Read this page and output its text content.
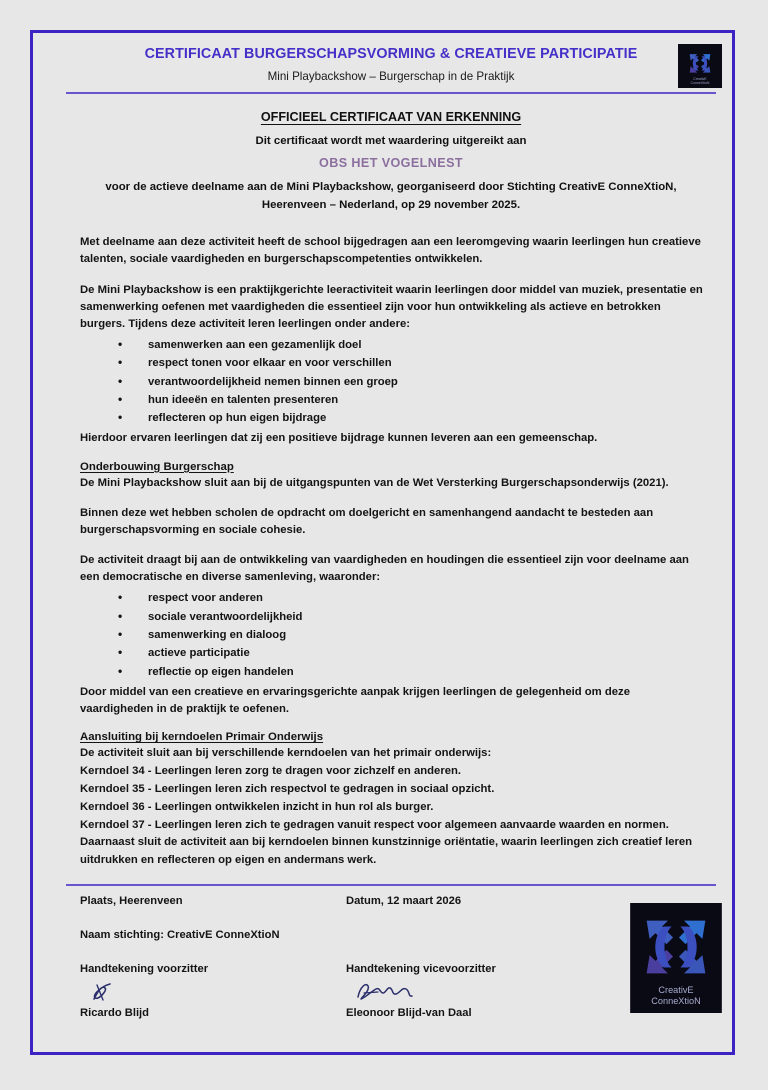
CreativE
ConneXtioN
CERTIFICAAT BURGERSCHAPSVORMING & CREATIEVE PARTICIPATIE
Mini Playbackshow – Burgerschap in de Praktijk
OFFICIEEL CERTIFICAAT VAN ERKENNING
Dit certificaat wordt met waardering uitgereikt aan
OBS HET VOGELNEST
voor de actieve deelname aan de Mini Playbackshow, georganiseerd door Stichting CreativE ConneXtioN,
Heerenveen – Nederland, op 29 november 2025.

Met deelname aan deze activiteit heeft de school bijgedragen aan een leeromgeving waarin leerlingen hun creatieve talenten, sociale vaardigheden en burgerschapscompetenties ontwikkelen.

De Mini Playbackshow is een praktijkgerichte leeractiviteit waarin leerlingen door middel van muziek, presentatie en samenwerking oefenen met vaardigheden die essentieel zijn voor hun ontwikkeling als actieve en betrokken burgers. Tijdens deze activiteit leren leerlingen onder andere:

• samenwerken aan een gezamenlijk doel
• respect tonen voor elkaar en voor verschillen
• verantwoordelijkheid nemen binnen een groep
• hun ideeën en talenten presenteren
• reflecteren op hun eigen bijdrage

Hierdoor ervaren leerlingen dat zij een positieve bijdrage kunnen leveren aan een gemeenschap.

Onderbouwing Burgerschap

De Mini Playbackshow sluit aan bij de uitgangspunten van de Wet Versterking Burgerschapsonderwijs (2021).

Binnen deze wet hebben scholen de opdracht om doelgericht en samenhangend aandacht te besteden aan burgerschapsvorming en sociale cohesie.

De activiteit draagt bij aan de ontwikkeling van vaardigheden en houdingen die essentieel zijn voor deelname aan een democratische en diverse samenleving, waaronder:

• respect voor anderen
• sociale verantwoordelijkheid
• samenwerking en dialoog
• actieve participatie
• reflectie op eigen handelen

Door middel van een creatieve en ervaringsgerichte aanpak krijgen leerlingen de gelegenheid om deze vaardigheden in de praktijk te oefenen.

Aansluiting bij kerndoelen Primair Onderwijs

De activiteit sluit aan bij verschillende kerndoelen van het primair onderwijs:

Kerndoel 34 - Leerlingen leren zorg te dragen voor zichzelf en anderen.

Kerndoel 35 - Leerlingen leren zich respectvol te gedragen in sociaal opzicht.

Kerndoel 36 - Leerlingen ontwikkelen inzicht in hun rol als burger.

Kerndoel 37 - Leerlingen leren zich te gedragen vanuit respect voor algemeen aanvaarde waarden en normen.

Daarnaast sluit de activiteit aan bij kerndoelen binnen kunstzinnige oriëntatie, waarin leerlingen zich creatief leren uitdrukken en reflecteren op eigen en andermans werk.

Plaats, Heerenveen

Naam stichting: CreativE ConneXtioN

Handtekening voorzitter

Ricardo Blijd

Datum, 12 maart 2026

Handtekening vicevoorzitter

Eleonoor Blijd-van Daal

CreativE
ConneXtioN
